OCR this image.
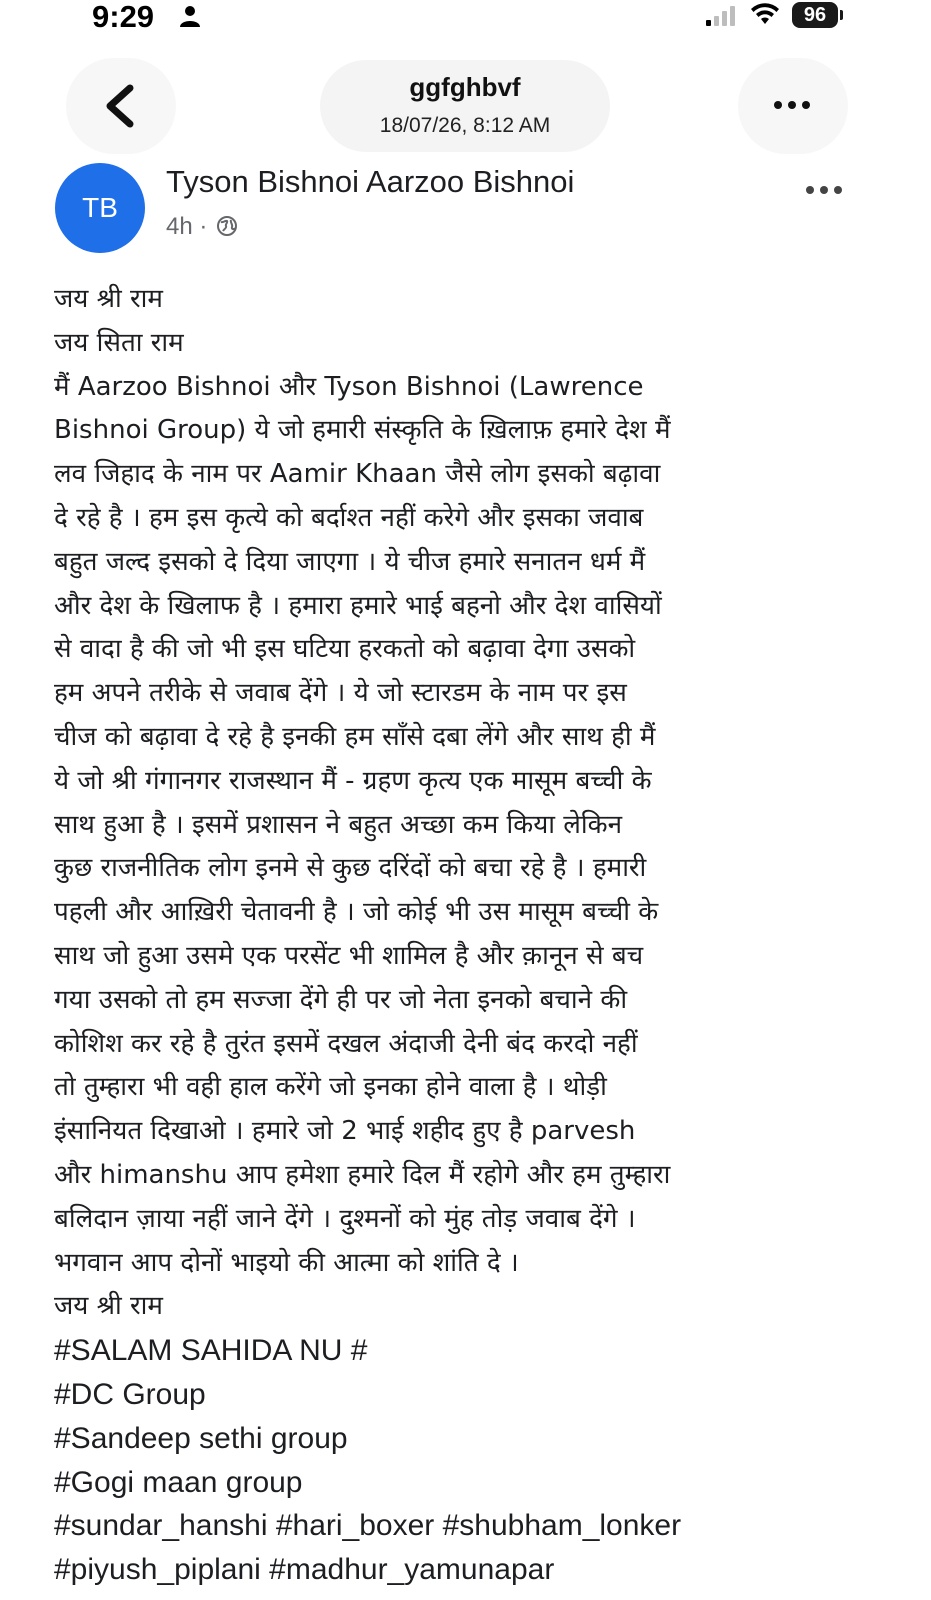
9:29	96
ggfghbvf
18/07/26, 8:12 AM
TB
Tyson Bishnoi Aarzoo Bishnoi
4h ·
जय श्री राम
जय सिता राम
मैं Aarzoo Bishnoi और Tyson Bishnoi (Lawrence
Bishnoi Group) ये जो हमारी संस्कृति के ख़िलाफ़ हमारे देश मैं
लव जिहाद के नाम पर Aamir Khaan जैसे लोग इसको बढ़ावा
दे रहे है । हम इस कृत्ये को बर्दाश्त नहीं करेगे और इसका जवाब
बहुत जल्द इसको दे दिया जाएगा । ये चीज हमारे सनातन धर्म मैं
और देश के खिलाफ है । हमारा हमारे भाई बहनो और देश वासियों
से वादा है की जो भी इस घटिया हरकतो को बढ़ावा देगा उसको
हम अपने तरीके से जवाब देंगे । ये जो स्टारडम के नाम पर इस
चीज को बढ़ावा दे रहे है इनकी हम साँसे दबा लेंगे और साथ ही मैं
ये जो श्री गंगानगर राजस्थान मैं - ग्रहण कृत्य एक मासूम बच्ची के
साथ हुआ है । इसमें प्रशासन ने बहुत अच्छा कम किया लेकिन
कुछ राजनीतिक लोग इनमे से कुछ दरिंदों को बचा रहे है । हमारी
पहली और आख़िरी चेतावनी है । जो कोई भी उस मासूम बच्ची के
साथ जो हुआ उसमे एक परसेंट भी शामिल है और क़ानून से बच
गया उसको तो हम सज्जा देंगे ही पर जो नेता इनको बचाने की
कोशिश कर रहे है तुरंत इसमें दखल अंदाजी देनी बंद करदो नहीं
तो तुम्हारा भी वही हाल करेंगे जो इनका होने वाला है । थोड़ी
इंसानियत दिखाओ । हमारे जो 2 भाई शहीद हुए है parvesh
और himanshu आप हमेशा हमारे दिल मैं रहोगे और हम तुम्हारा
बलिदान ज़ाया नहीं जाने देंगे । दुश्मनों को मुंह तोड़ जवाब देंगे ।
भगवान आप दोनों भाइयो की आत्मा को शांति दे ।
जय श्री राम
#SALAM SAHIDA NU #
#DC Group
#Sandeep sethi group
#Gogi maan group
#sundar_hanshi #hari_boxer #shubham_lonker
#piyush_piplani #madhur_yamunapar
